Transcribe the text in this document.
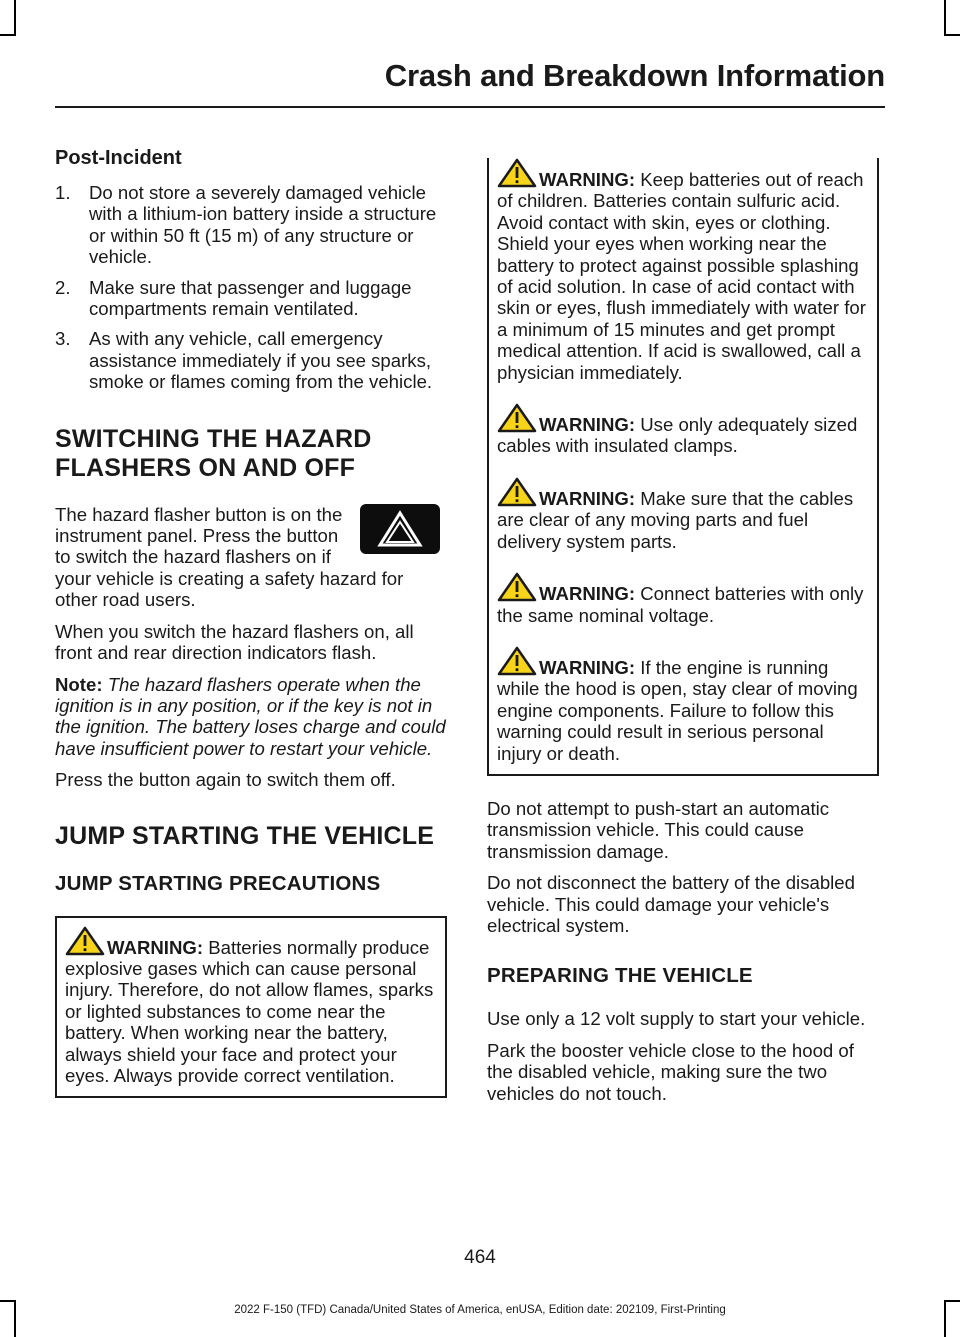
Crash and Breakdown Information
Post-Incident
1. Do not store a severely damaged vehicle with a lithium-ion battery inside a structure or within 50 ft (15 m) of any structure or vehicle.
2. Make sure that passenger and luggage compartments remain ventilated.
3. As with any vehicle, call emergency assistance immediately if you see sparks, smoke or flames coming from the vehicle.
SWITCHING THE HAZARD
FLASHERS ON AND OFF

The hazard flasher button is on the instrument panel. Press the button to switch the hazard flashers on if your vehicle is creating a safety hazard for other road users.

When you switch the hazard flashers on, all front and rear direction indicators flash.

Note: The hazard flashers operate when the ignition is in any position, or if the key is not in the ignition. The battery loses charge and could have insufficient power to restart your vehicle.

Press the button again to switch them off.

JUMP STARTING THE VEHICLE
JUMP STARTING PRECAUTIONS
WARNING: Batteries normally produce explosive gases which can cause personal injury. Therefore, do not allow flames, sparks or lighted substances to come near the battery. When working near the battery, always shield your face and protect your eyes. Always provide correct ventilation.
WARNING: Keep batteries out of reach of children. Batteries contain sulfuric acid. Avoid contact with skin, eyes or clothing. Shield your eyes when working near the battery to protect against possible splashing of acid solution. In case of acid contact with skin or eyes, flush immediately with water for a minimum of 15 minutes and get prompt medical attention. If acid is swallowed, call a physician immediately.
WARNING: Use only adequately sized cables with insulated clamps.
WARNING: Make sure that the cables are clear of any moving parts and fuel delivery system parts.
WARNING: Connect batteries with only the same nominal voltage.
WARNING: If the engine is running while the hood is open, stay clear of moving engine components. Failure to follow this warning could result in serious personal injury or death.

Do not attempt to push-start an automatic transmission vehicle. This could cause transmission damage.

Do not disconnect the battery of the disabled vehicle. This could damage your vehicle's electrical system.

PREPARING THE VEHICLE

Use only a 12 volt supply to start your vehicle.

Park the booster vehicle close to the hood of the disabled vehicle, making sure the two vehicles do not touch.

464
2022 F-150 (TFD) Canada/United States of America, enUSA, Edition date: 202109, First-Printing
